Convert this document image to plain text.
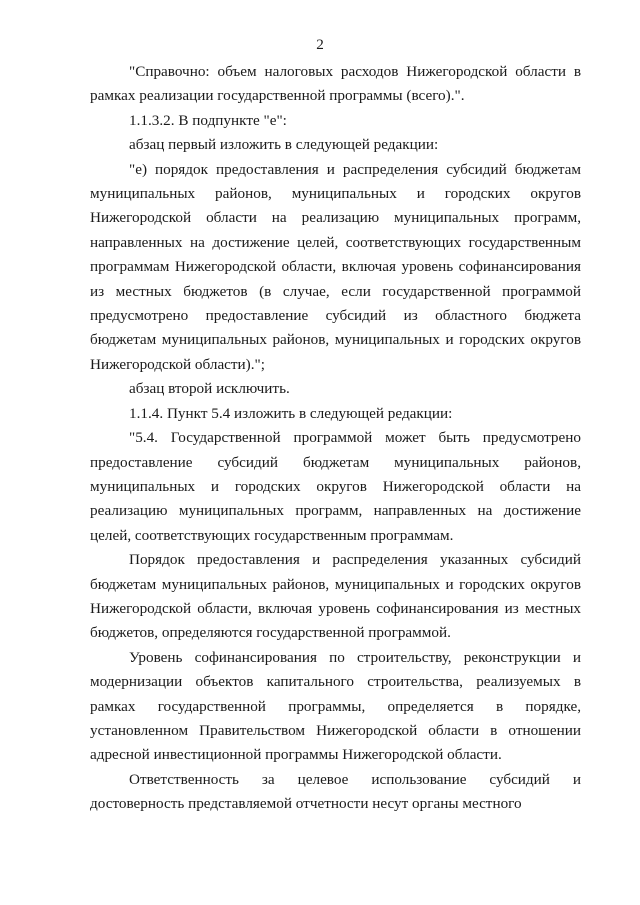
2

"Справочно: объем налоговых расходов Нижегородской области в рамках реализации государственной программы (всего).".

1.1.3.2. В подпункте "е":

абзац первый изложить в следующей редакции:

"е) порядок предоставления и распределения субсидий бюджетам муниципальных районов, муниципальных и городских округов Нижегородской области на реализацию муниципальных программ, направленных на достижение целей, соответствующих государственным программам Нижегородской области, включая уровень софинансирования из местных бюджетов (в случае, если государственной программой предусмотрено предоставление субсидий из областного бюджета бюджетам муниципальных районов, муниципальных и городских округов Нижегородской области).";

абзац второй исключить.

1.1.4. Пункт 5.4 изложить в следующей редакции:

"5.4. Государственной программой может быть предусмотрено предоставление субсидий бюджетам муниципальных районов, муниципальных и городских округов Нижегородской области на реализацию муниципальных программ, направленных на достижение целей, соответствующих государственным программам.

Порядок предоставления и распределения указанных субсидий бюджетам муниципальных районов, муниципальных и городских округов Нижегородской области, включая уровень софинансирования из местных бюджетов, определяются государственной программой.

Уровень софинансирования по строительству, реконструкции и модернизации объектов капитального строительства, реализуемых в рамках государственной программы, определяется в порядке, установленном Правительством Нижегородской области в отношении адресной инвестиционной программы Нижегородской области.

Ответственность за целевое использование субсидий и достоверность представляемой отчетности несут органы местного
